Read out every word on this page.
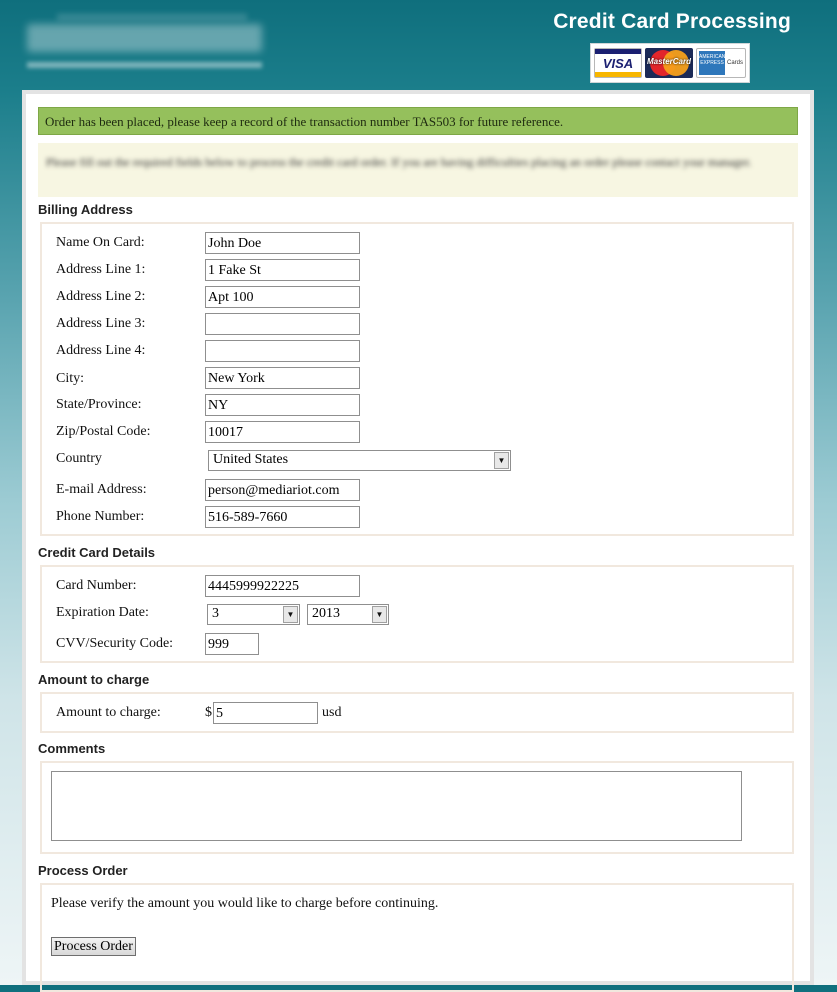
Credit Card Processing
VISA	MasterCard	AMERICAN EXPRESS Cards
Order has been placed, please keep a record of the transaction number TAS503 for future reference.
Please fill out the required fields below to process the credit card order. If you are having difficulties placing an order please contact your manager.
Billing Address
Name On Card:
John Doe
Address Line 1:
1 Fake St
Address Line 2:
Apt 100
Address Line 3:
Address Line 4:
City:
New York
State/Province:
NY
Zip/Postal Code:
10017
Country	United States	▼
E-mail Address:
person@mediariot.com
Phone Number:
516-589-7660
Credit Card Details
Card Number:
4445999922225
Expiration Date:	3	▼	2013	▼
CVV/Security Code:
999
Amount to charge
Amount to charge:	$
5	usd
Comments
Process Order
Please verify the amount you would like to charge before continuing.
Process Order
